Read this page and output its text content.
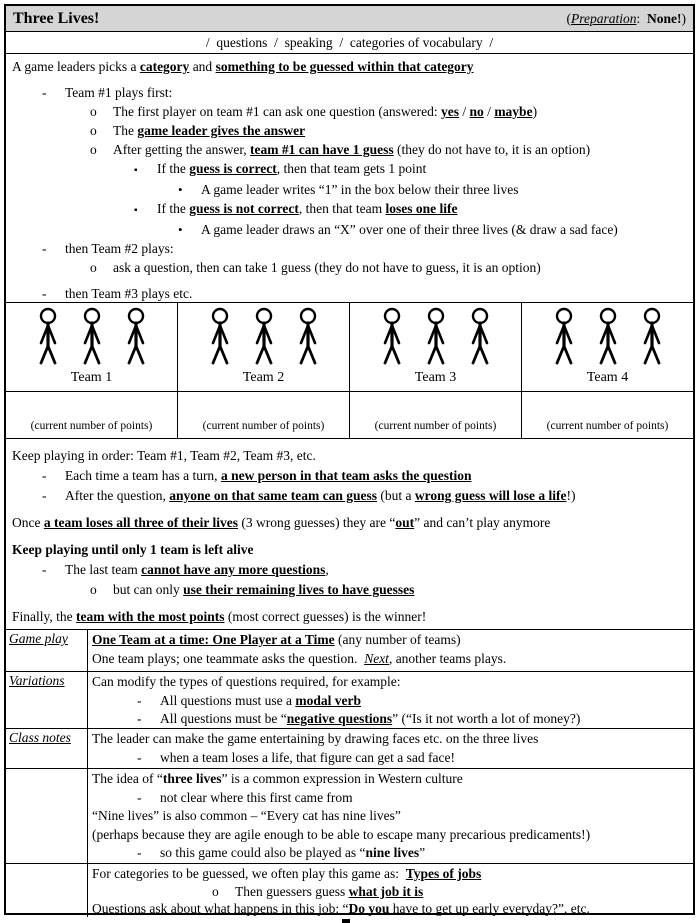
Three Lives!	(Preparation:  None!)
/  questions  /  speaking  /  categories of vocabulary  /
A game leaders picks a category and something to be guessed within that category
- Team #1 plays first:
o The first player on team #1 can ask one question (answered: yes / no / maybe)
o The game leader gives the answer
o After getting the answer, team #1 can have 1 guess (they do not have to, it is an option)
▪ If the guess is correct, then that team gets 1 point
• A game leader writes “1” in the box below their three lives
▪ If the guess is not correct, then that team loses one life
• A game leader draws an “X” over one of their three lives (& draw a sad face)
- then Team #2 plays:
o ask a question, then can take 1 guess (they do not have to guess, it is an option)
- then Team #3 plays etc.
Team 1	Team 2	Team 3	Team 4
(current number of points)	(current number of points)	(current number of points)	(current number of points)
Keep playing in order: Team #1, Team #2, Team #3, etc.
- Each time a team has a turn, a new person in that team asks the question
- After the question, anyone on that same team can guess (but a wrong guess will lose a life!)
Once a team loses all three of their lives (3 wrong guesses) they are “out” and can’t play anymore
Keep playing until only 1 team is left alive
- The last team cannot have any more questions,
o but can only use their remaining lives to have guesses
Finally, the team with the most points (most correct guesses) is the winner!
Game play	One Team at a time: One Player at a Time (any number of teams)
One team plays; one teammate asks the question.  Next, another teams plays.
Variations	Can modify the types of questions required, for example:
- All questions must use a modal verb
- All questions must be “negative questions” (“Is it not worth a lot of money?)
Class notes	The leader can make the game entertaining by drawing faces etc. on the three lives
- when a team loses a life, that figure can get a sad face!
The idea of “three lives” is a common expression in Western culture
- not clear where this first came from
“Nine lives” is also common – “Every cat has nine lives”
(perhaps because they are agile enough to be able to escape many precarious predicaments!)
- so this game could also be played as “nine lives”
For categories to be guessed, we often play this game as:  Types of jobs
o Then guessers guess what job it is
Questions ask about what happens in this job: “Do you have to get up early everyday?”, etc.
